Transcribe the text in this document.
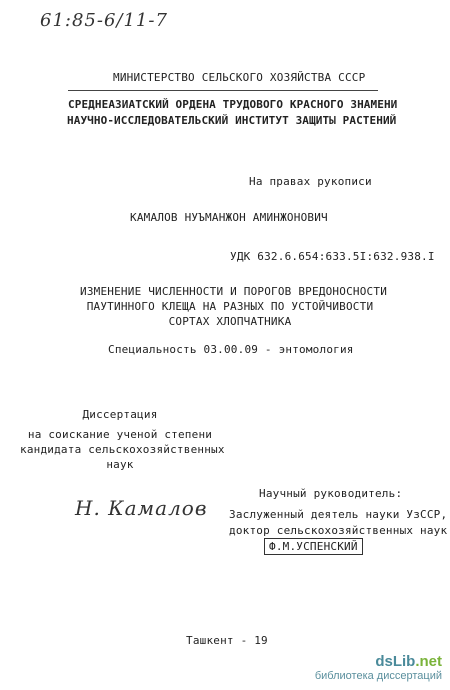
61:85-6/11-7
МИНИСТЕРСТВО СЕЛЬСКОГО ХОЗЯЙСТВА СССР
СРЕДНЕАЗИАТСКИЙ ОРДЕНА ТРУДОВОГО КРАСНОГО ЗНАМЕНИ
НАУЧНО-ИССЛЕДОВАТЕЛЬСКИЙ ИНСТИТУТ ЗАЩИТЫ РАСТЕНИЙ
На правах рукописи
КАМАЛОВ НУЪМАНЖОН АМИНЖОНОВИЧ
УДК 632.6.654:633.5I:632.938.I
ИЗМЕНЕНИЕ ЧИСЛЕННОСТИ И ПОРОГОВ ВРЕДОНОСНОСТИ
ПАУТИННОГО КЛЕЩА НА РАЗНЫХ ПО УСТОЙЧИВОСТИ
СОРТАХ ХЛОПЧАТНИКА
Специальность 03.00.09 - энтомология
Диссертация
на соискание ученой степени
кандидата сельскохозяйственных
наук
Н. Камалов
Научный руководитель:
Заслуженный деятель науки УзССР,
доктор сельскохозяйственных наук
Ф.М.УСПЕНСКИЙ
Ташкент - 19
dsLib.net
библиотека диссертаций
